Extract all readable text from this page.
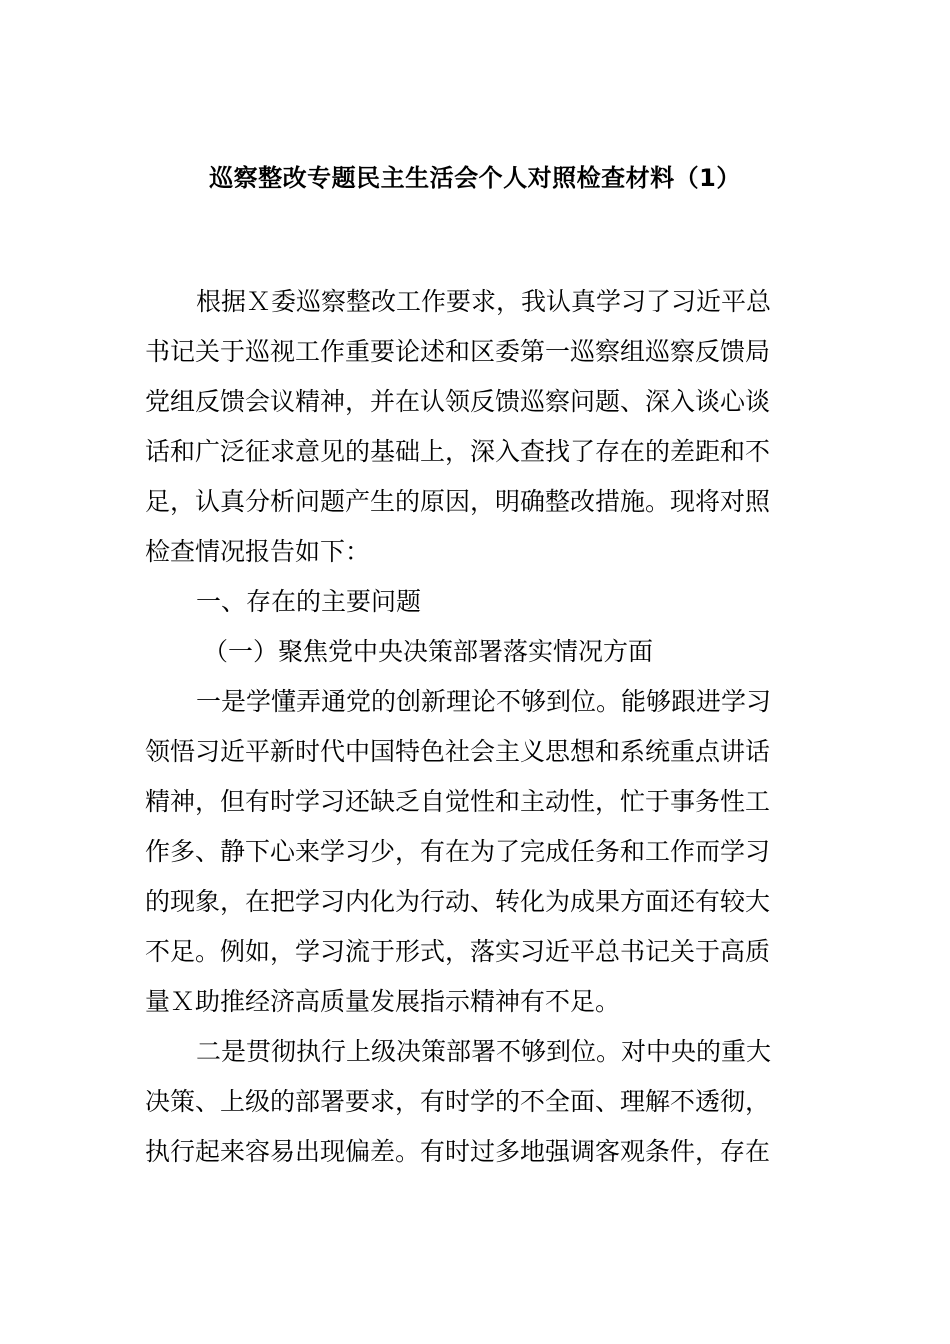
巡察整改专题民主生活会个人对照检查材料（1）
根据Ｘ委巡察整改工作要求，我认真学习了习近平总
书记关于巡视工作重要论述和区委第一巡察组巡察反馈局
党组反馈会议精神，并在认领反馈巡察问题、深入谈心谈
话和广泛征求意见的基础上，深入查找了存在的差距和不
足，认真分析问题产生的原因，明确整改措施。现将对照
检查情况报告如下：
一、存在的主要问题
（一）聚焦党中央决策部署落实情况方面
一是学懂弄通党的创新理论不够到位。能够跟进学习
领悟习近平新时代中国特色社会主义思想和系统重点讲话
精神，但有时学习还缺乏自觉性和主动性，忙于事务性工
作多、静下心来学习少，有在为了完成任务和工作而学习
的现象，在把学习内化为行动、转化为成果方面还有较大
不足。例如，学习流于形式，落实习近平总书记关于高质
量Ｘ助推经济高质量发展指示精神有不足。
二是贯彻执行上级决策部署不够到位。对中央的重大
决策、上级的部署要求，有时学的不全面、理解不透彻，
执行起来容易出现偏差。有时过多地强调客观条件，存在
